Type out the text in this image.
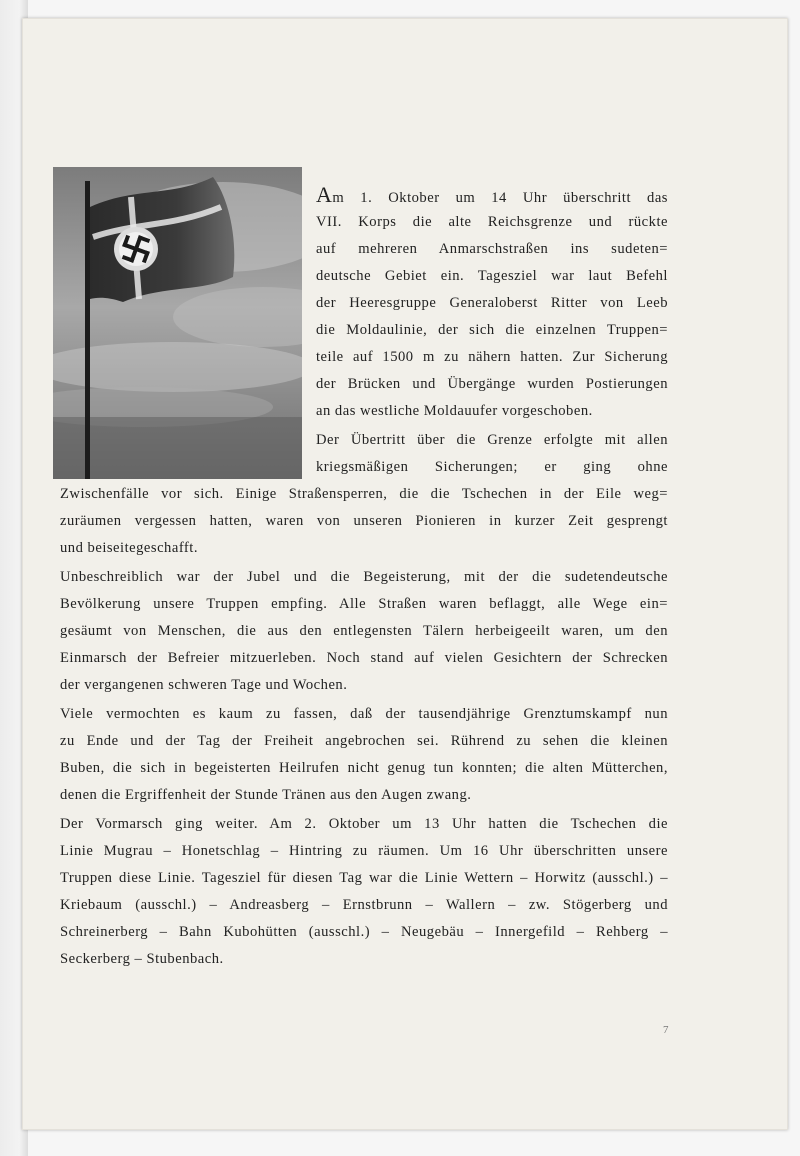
Am 1. Oktober um 14 Uhr überschritt das
VII. Korps die alte Reichsgrenze und rückte
auf mehreren Anmarschstraßen ins sudeten=
deutsche Gebiet ein. Tagesziel war laut Befehl
der Heeresgruppe Generaloberst Ritter von Leeb
die Moldaulinie, der sich die einzelnen Truppen=
teile auf 1500 m zu nähern hatten. Zur Sicherung
der Brücken und Übergänge wurden Postierungen
an das westliche Moldauufer vorgeschoben.
Der Übertritt über die Grenze erfolgte mit allen
kriegsmäßigen Sicherungen; er ging ohne
Zwischenfälle vor sich. Einige Straßensperren, die die Tschechen in der Eile weg=
zuräumen vergessen hatten, waren von unseren Pionieren in kurzer Zeit gesprengt
und beiseitegeschafft.
Unbeschreiblich war der Jubel und die Begeisterung, mit der die sudetendeutsche
Bevölkerung unsere Truppen empfing. Alle Straßen waren beflaggt, alle Wege ein=
gesäumt von Menschen, die aus den entlegensten Tälern herbeigeeilt waren, um den
Einmarsch der Befreier mitzuerleben. Noch stand auf vielen Gesichtern der Schrecken
der vergangenen schweren Tage und Wochen.
Viele vermochten es kaum zu fassen, daß der tausendjährige Grenztumskampf nun
zu Ende und der Tag der Freiheit angebrochen sei. Rührend zu sehen die kleinen
Buben, die sich in begeisterten Heilrufen nicht genug tun konnten; die alten Mütterchen,
denen die Ergriffenheit der Stunde Tränen aus den Augen zwang.
Der Vormarsch ging weiter. Am 2. Oktober um 13 Uhr hatten die Tschechen die
Linie Mugrau – Honetschlag – Hintring zu räumen. Um 16 Uhr überschritten unsere
Truppen diese Linie. Tagesziel für diesen Tag war die Linie Wettern – Horwitz (ausschl.) –
Kriebaum (ausschl.) – Andreasberg – Ernstbrunn – Wallern – zw. Stögerberg und
Schreinerberg – Bahn Kubohütten (ausschl.) – Neugebäu – Innergefild – Rehberg –
Seckerberg – Stubenbach.
7
